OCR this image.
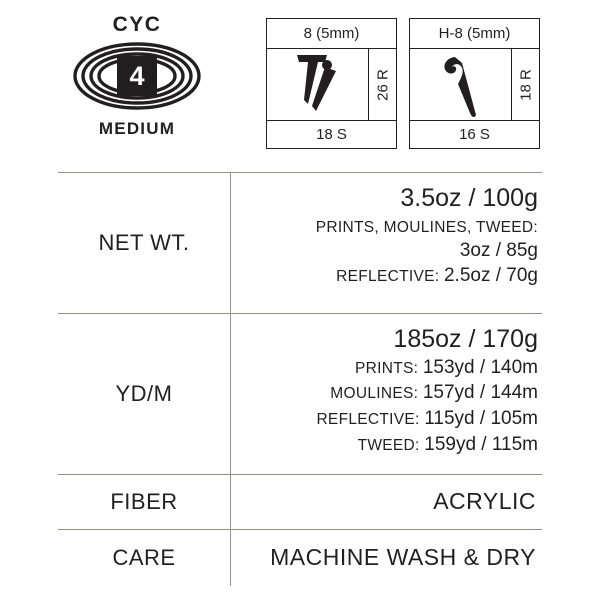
CYC
4
MEDIUM
8 (5mm)
26 R
18 S
H-8 (5mm)
18 R
16 S
NET WT.
3.5oz / 100g
PRINTS, MOULINES, TWEED:
3oz / 85g
REFLECTIVE: 2.5oz / 70g
YD/M
185oz / 170g
PRINTS: 153yd / 140m
MOULINES: 157yd / 144m
REFLECTIVE: 115yd / 105m
TWEED: 159yd / 115m
FIBER	ACRYLIC
CARE	MACHINE WASH & DRY
